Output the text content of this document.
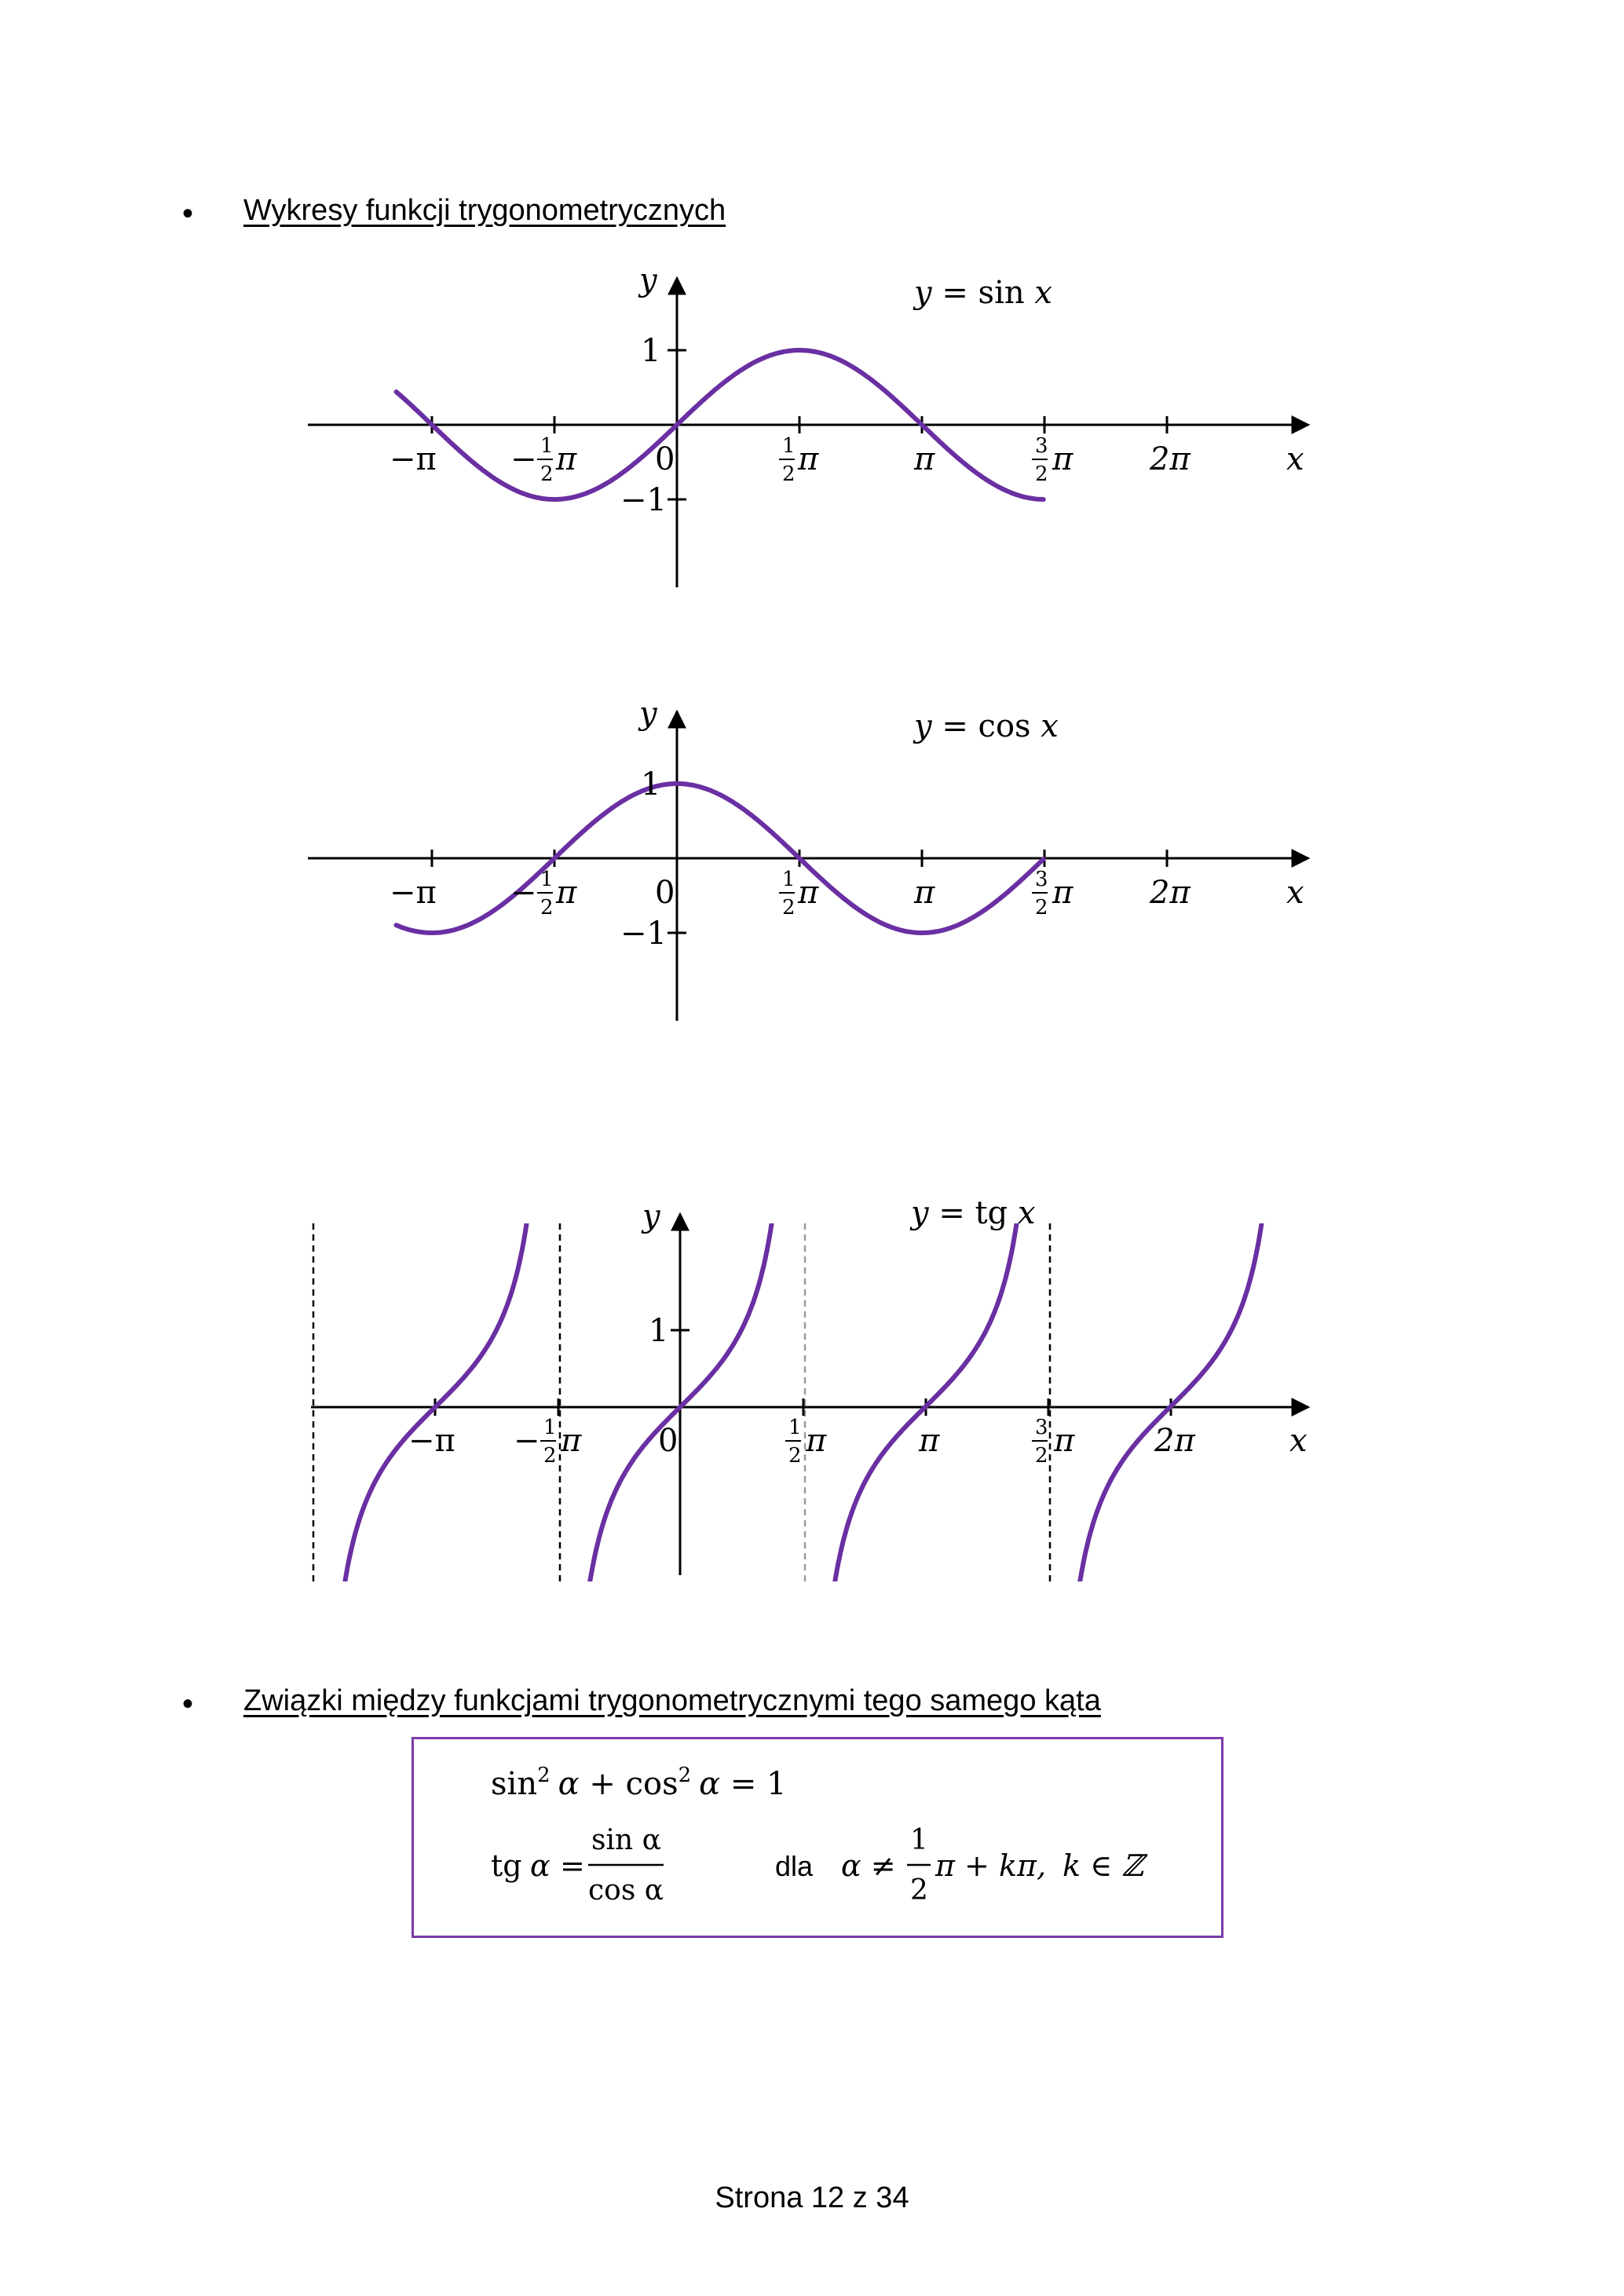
• Wykresy funkcji trygonometrycznych
y
x
y = sin x
1
−1
−π − 1
2 π 0	1
2 π	π	3
2 π 2π
y
x
y = cos x
1
−1
−π − 1
2 π 0	1
2 π	π	3
2 π 2π
y
x
y = tg x
1
−π − 1
2 π 0	1
2 π	π	3
2 π	2π
• Związki między funkcjami trygonometrycznymi tego samego kąta
$\sin^2 \alpha + \cos^2 \alpha = 1$
tg α =
sin α
cos α
dla α ≠
1
2
π + kπ, k ∈ ℤ
Strona 12 z 34
